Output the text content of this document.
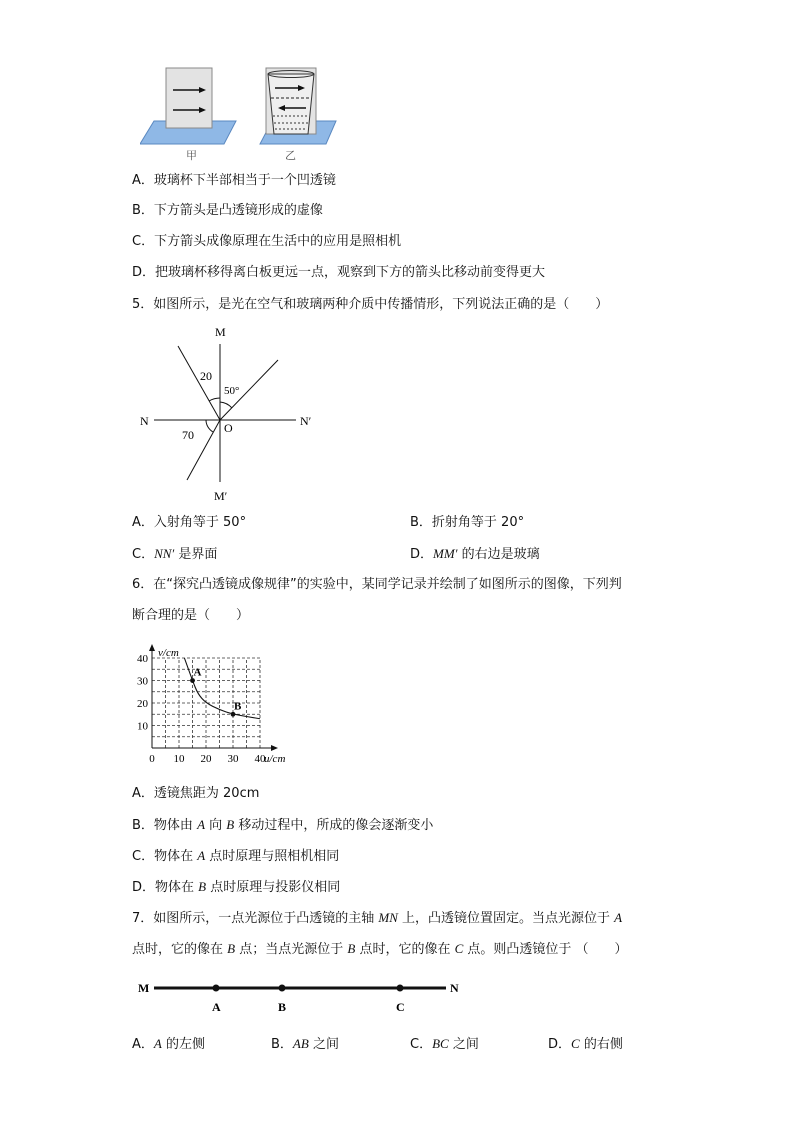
甲	乙
A．玻璃杯下半部相当于一个凹透镜
B．下方箭头是凸透镜形成的虚像
C．下方箭头成像原理在生活中的应用是照相机
D．把玻璃杯移得离白板更远一点，观察到下方的箭头比移动前变得更大
5．如图所示，是光在空气和玻璃两种介质中传播情形，下列说法正确的是（　　）
M
N	N′
M′
O
20
50°
70
A．入射角等于 50°	B．折射角等于 20°
C．NN′ 是界面	D．MM′ 的右边是玻璃
6．在“探究凸透镜成像规律”的实验中，某同学记录并绘制了如图所示的图像，下列判
断合理的是（　　）
0 10 20 30 40
10
20
30
40 v/cm
u/cm
A
B
A．透镜焦距为 20cm
B．物体由 A 向 B 移动过程中，所成的像会逐渐变小
C．物体在 A 点时原理与照相机相同
D．物体在 B 点时原理与投影仪相同
7．如图所示，一点光源位于凸透镜的主轴 MN 上，凸透镜位置固定。当点光源位于 A
点时，它的像在 B 点；当点光源位于 B 点时，它的像在 C 点。则凸透镜位于 （　　）
M	N
A	B	C
A．A 的左侧	B．AB 之间	C．BC 之间	D．C 的右侧
